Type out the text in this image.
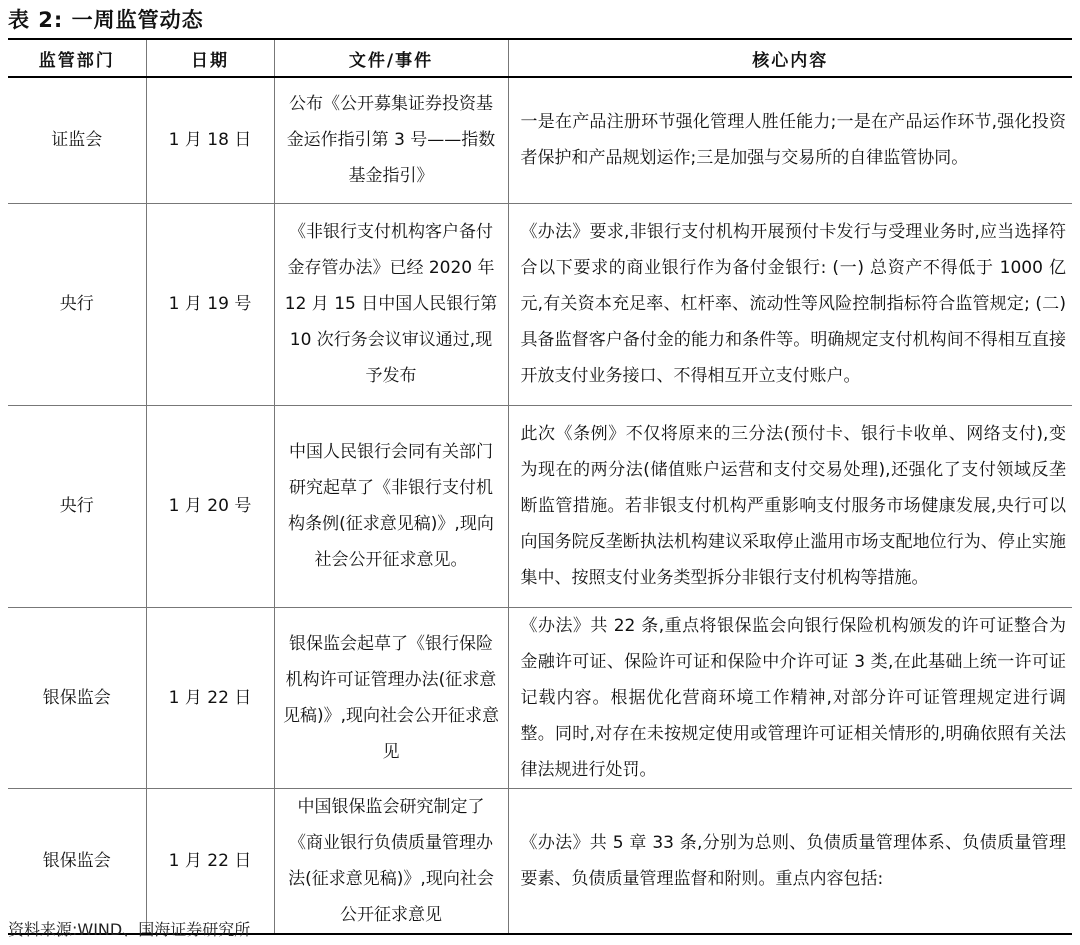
表 2: 一周监管动态
监管部门	日期	文件/事件	核心内容
证监会	1 月 18 日	公布《公开募集证券投资基金运作指引第 3 号——指数基金指引》	一是在产品注册环节强化管理人胜任能力;一是在产品运作环节,强化投资者保护和产品规划运作;三是加强与交易所的自律监管协同。
央行	1 月 19 号	《非银行支付机构客户备付金存管办法》已经 2020 年 12 月 15 日中国人民银行第 10 次行务会议审议通过,现予发布	《办法》要求,非银行支付机构开展预付卡发行与受理业务时,应当选择符合以下要求的商业银行作为备付金银行: (一) 总资产不得低于 1000 亿元,有关资本充足率、杠杆率、流动性等风险控制指标符合监管规定; (二)具备监督客户备付金的能力和条件等。明确规定支付机构间不得相互直接开放支付业务接口、不得相互开立支付账户。
央行	1 月 20 号	中国人民银行会同有关部门研究起草了《非银行支付机构条例(征求意见稿)》,现向社会公开征求意见。	此次《条例》不仅将原来的三分法(预付卡、银行卡收单、网络支付),变为现在的两分法(储值账户运营和支付交易处理),还强化了支付领域反垄断监管措施。若非银支付机构严重影响支付服务市场健康发展,央行可以向国务院反垄断执法机构建议采取停止滥用市场支配地位行为、停止实施集中、按照支付业务类型拆分非银行支付机构等措施。
银保监会	1 月 22 日	银保监会起草了《银行保险机构许可证管理办法(征求意见稿)》,现向社会公开征求意见	《办法》共 22 条,重点将银保监会向银行保险机构颁发的许可证整合为金融许可证、保险许可证和保险中介许可证 3 类,在此基础上统一许可证记载内容。根据优化营商环境工作精神,对部分许可证管理规定进行调整。同时,对存在未按规定使用或管理许可证相关情形的,明确依照有关法律法规进行处罚。
银保监会	1 月 22 日	中国银保监会研究制定了《商业银行负债质量管理办法(征求意见稿)》,现向社会公开征求意见	《办法》共 5 章 33 条,分别为总则、负债质量管理体系、负债质量管理要素、负债质量管理监督和附则。重点内容包括:
资料来源:WIND、国海证券研究所
